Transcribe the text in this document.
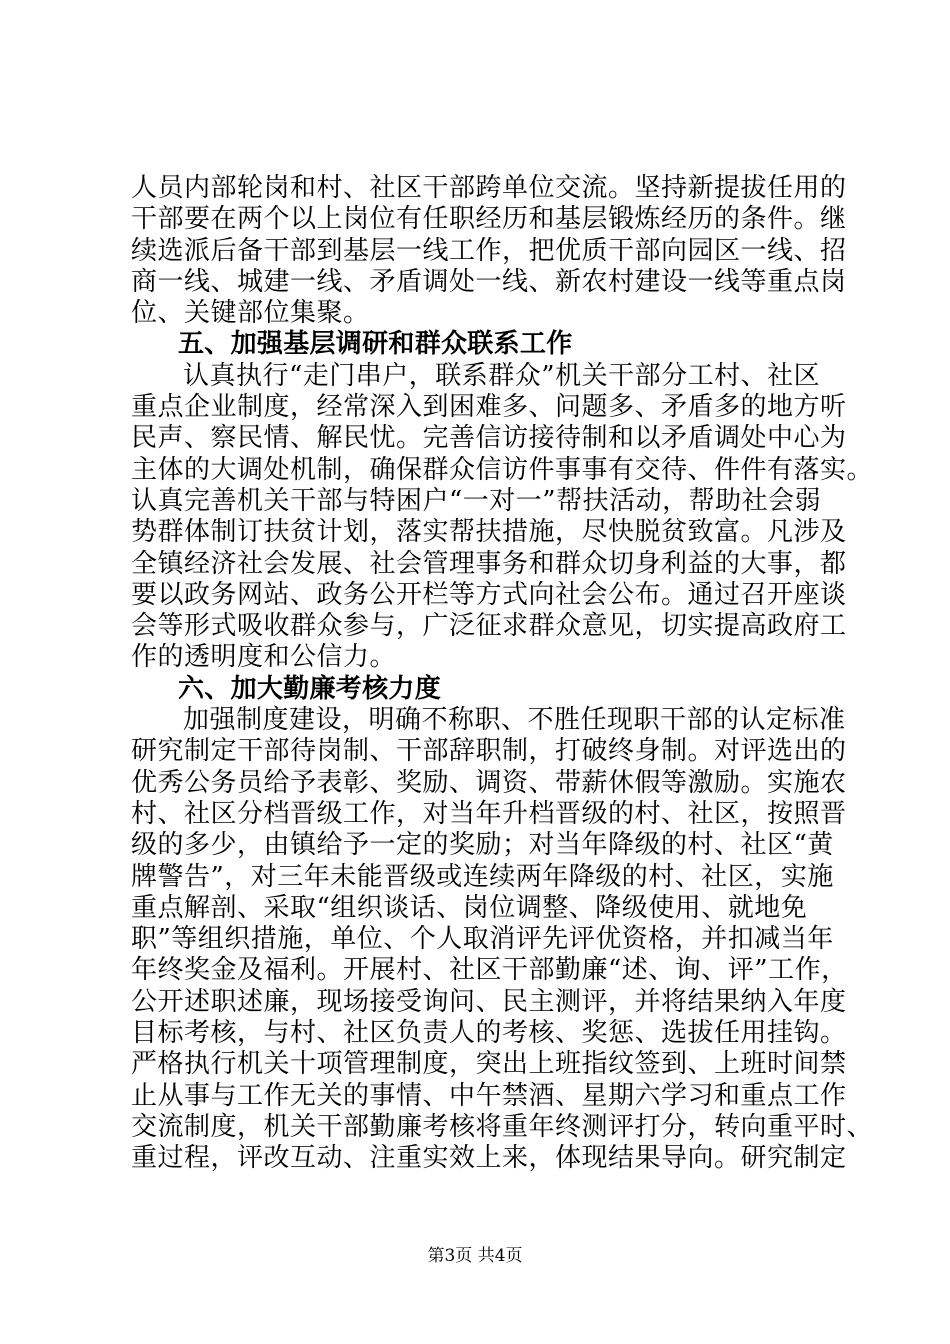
人员内部轮岗和村、社区干部跨单位交流。坚持新提拔任用的
干部要在两个以上岗位有任职经历和基层锻炼经历的条件。继
续选派后备干部到基层一线工作，把优质干部向园区一线、招
商一线、城建一线、矛盾调处一线、新农村建设一线等重点岗
位、关键部位集聚。
五、加强基层调研和群众联系工作
认真执行“走门串户，联系群众”机关干部分工村、社区
重点企业制度，经常深入到困难多、问题多、矛盾多的地方听
民声、察民情、解民忧。完善信访接待制和以矛盾调处中心为
主体的大调处机制，确保群众信访件事事有交待、件件有落实。
认真完善机关干部与特困户“一对一”帮扶活动，帮助社会弱
势群体制订扶贫计划，落实帮扶措施，尽快脱贫致富。凡涉及
全镇经济社会发展、社会管理事务和群众切身利益的大事，都
要以政务网站、政务公开栏等方式向社会公布。通过召开座谈
会等形式吸收群众参与，广泛征求群众意见，切实提高政府工
作的透明度和公信力。
六、加大勤廉考核力度
加强制度建设，明确不称职、不胜任现职干部的认定标准
研究制定干部待岗制、干部辞职制，打破终身制。对评选出的
优秀公务员给予表彰、奖励、调资、带薪休假等激励。实施农
村、社区分档晋级工作，对当年升档晋级的村、社区，按照晋
级的多少，由镇给予一定的奖励；对当年降级的村、社区“黄
牌警告”，对三年未能晋级或连续两年降级的村、社区，实施
重点解剖、采取“组织谈话、岗位调整、降级使用、就地免
职”等组织措施，单位、个人取消评先评优资格，并扣减当年
年终奖金及福利。开展村、社区干部勤廉“述、询、评”工作，
公开述职述廉，现场接受询问、民主测评，并将结果纳入年度
目标考核，与村、社区负责人的考核、奖惩、选拔任用挂钩。
严格执行机关十项管理制度，突出上班指纹签到、上班时间禁
止从事与工作无关的事情、中午禁酒、星期六学习和重点工作
交流制度，机关干部勤廉考核将重年终测评打分，转向重平时、
重过程，评改互动、注重实效上来，体现结果导向。研究制定
第3页 共4页
